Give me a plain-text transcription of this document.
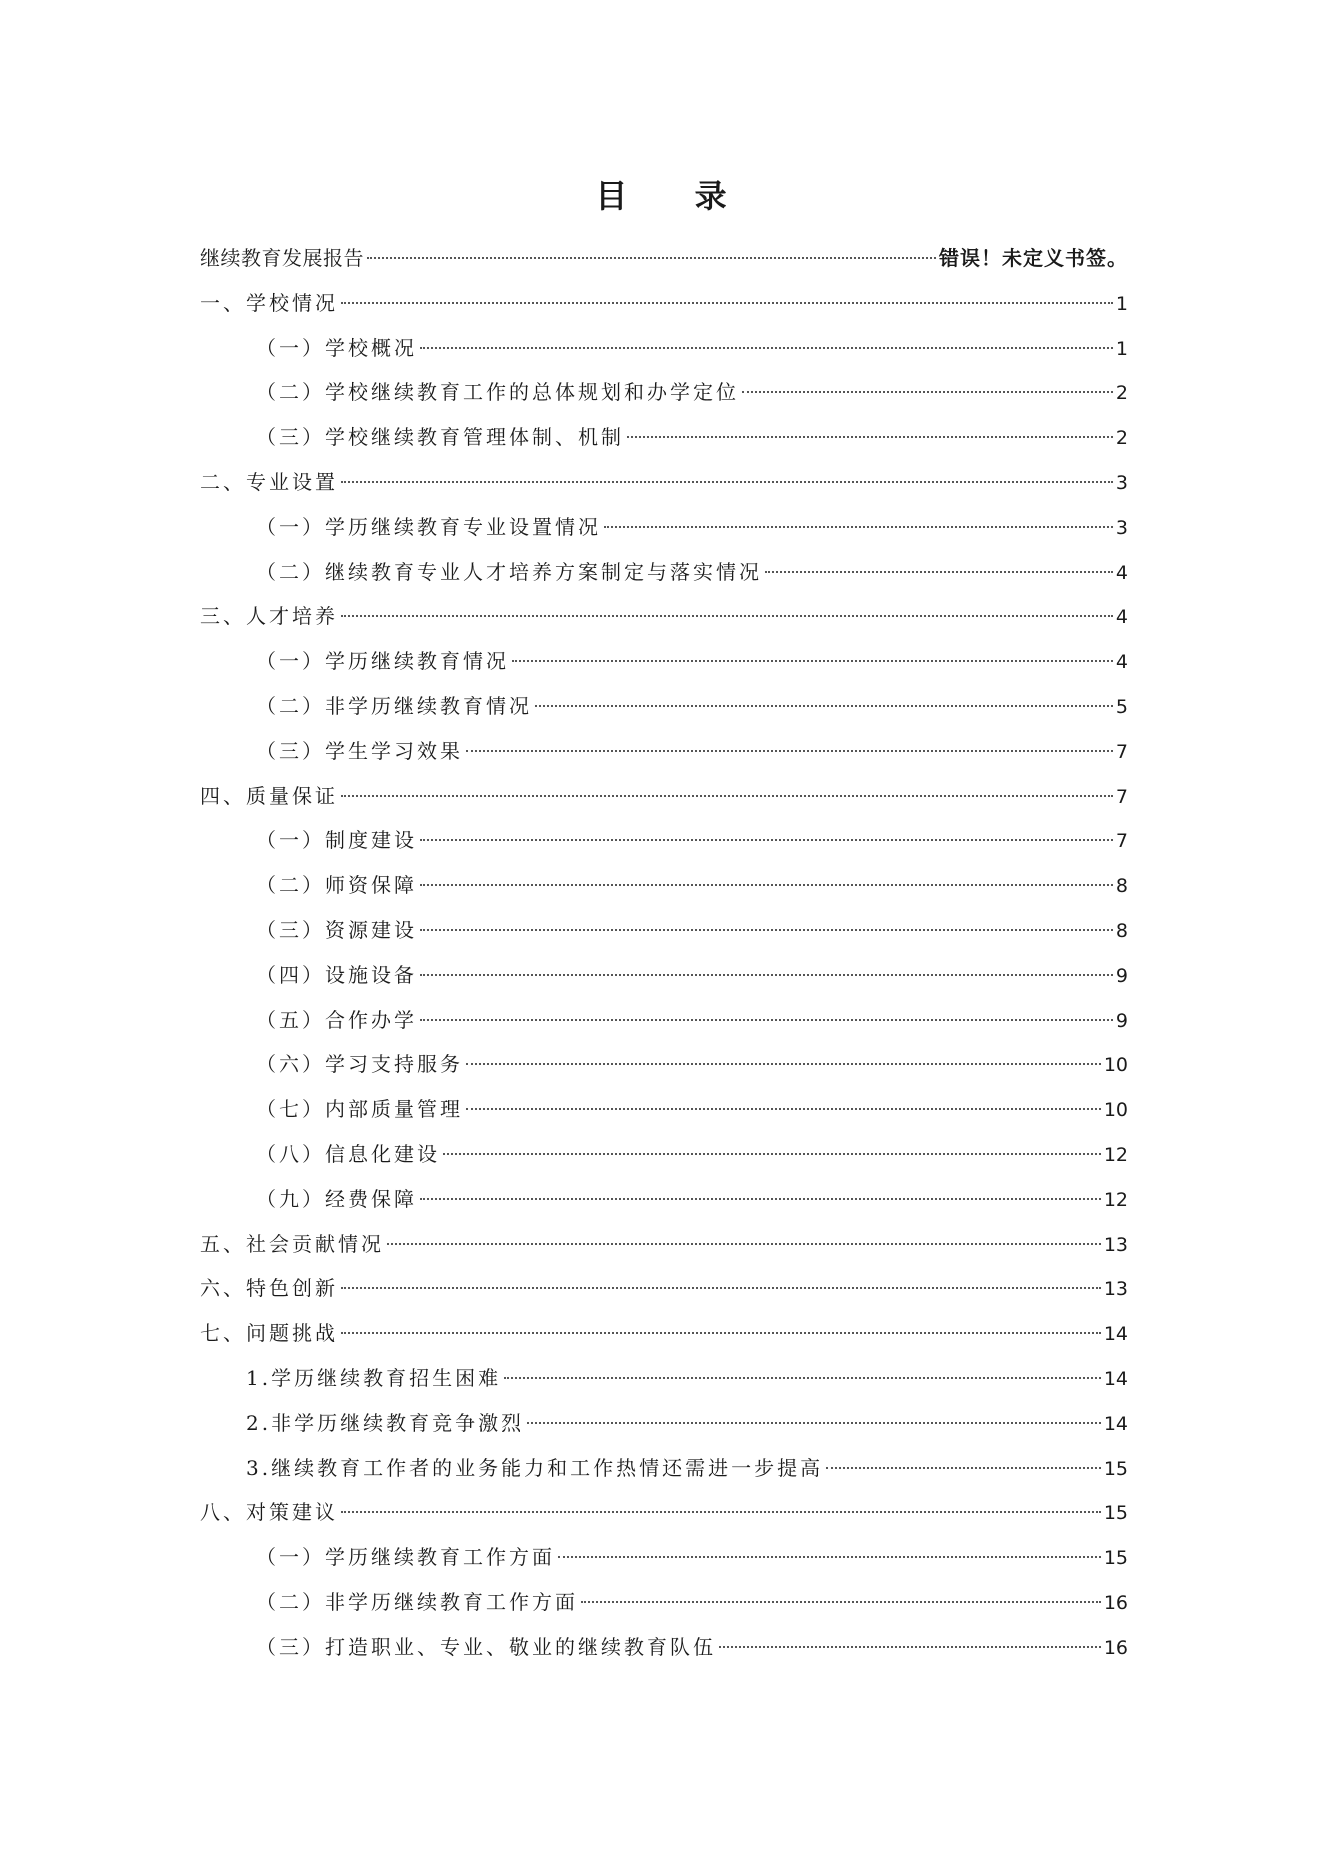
目 录
继续教育发展报告	错误！未定义书签。
一、学校情况	1
（一）学校概况	1
（二）学校继续教育工作的总体规划和办学定位	2
（三）学校继续教育管理体制、机制	2
二、专业设置	3
（一）学历继续教育专业设置情况	3
（二）继续教育专业人才培养方案制定与落实情况	4
三、人才培养	4
（一）学历继续教育情况	4
（二）非学历继续教育情况	5
（三）学生学习效果	7
四、质量保证	7
（一）制度建设	7
（二）师资保障	8
（三）资源建设	8
（四）设施设备	9
（五）合作办学	9
（六）学习支持服务	10
（七）内部质量管理	10
（八）信息化建设	12
（九）经费保障	12
五、社会贡献情况	13
六、特色创新	13
七、问题挑战	14
1.学历继续教育招生困难	14
2.非学历继续教育竞争激烈	14
3.继续教育工作者的业务能力和工作热情还需进一步提高	15
八、对策建议	15
（一）学历继续教育工作方面	15
（二）非学历继续教育工作方面	16
（三）打造职业、专业、敬业的继续教育队伍	16
